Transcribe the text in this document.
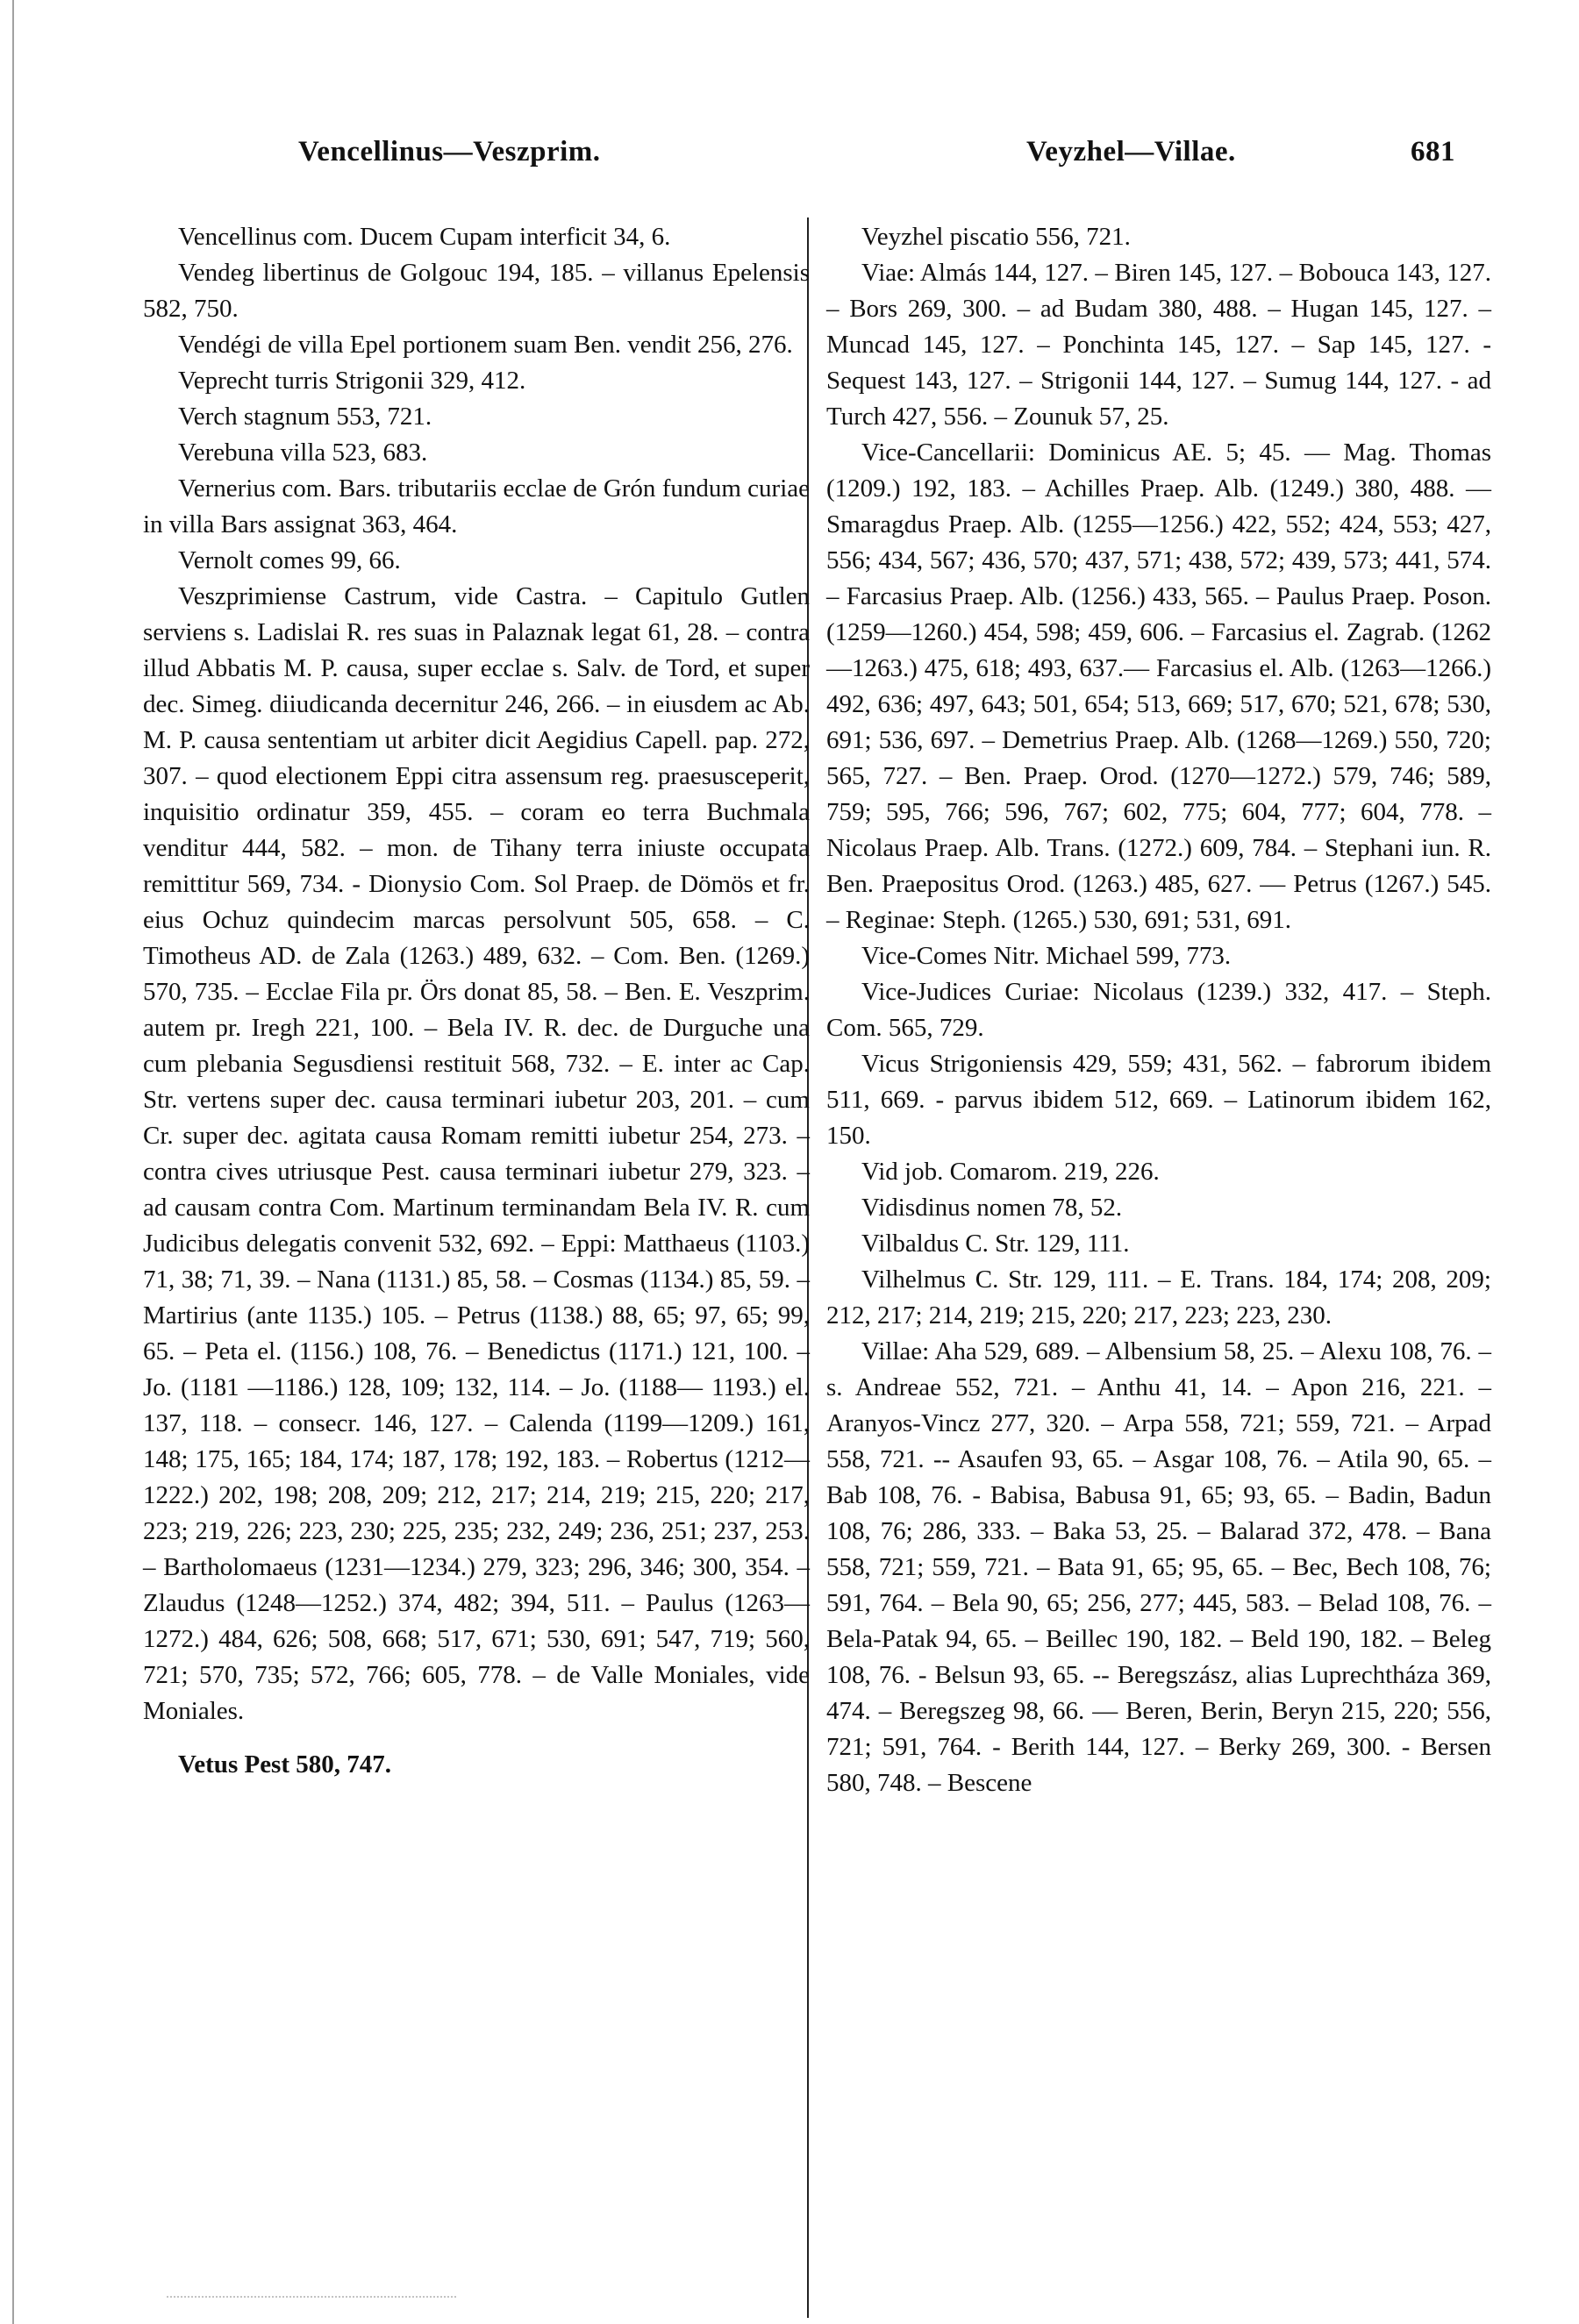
Vencellinus—Veszprim.	Veyzhel—Villae.	681

Vencellinus com. Ducem Cupam interficit 34, 6.

Vendeg libertinus de Golgouc 194, 185. – villanus Epelensis 582, 750.

Vendégi de villa Epel portionem suam Ben. vendit 256, 276.

Veprecht turris Strigonii 329, 412.

Verch stagnum 553, 721.

Verebuna villa 523, 683.

Vernerius com. Bars. tributariis ecclae de Grón fundum curiae in villa Bars assignat 363, 464.

Vernolt comes 99, 66.

Veszprimiense Castrum, vide Castra. – Capitulo Gutlen serviens s. Ladislai R. res suas in Palaznak legat 61, 28. – contra illud Abbatis M. P. causa, super ecclae s. Salv. de Tord, et super dec. Simeg. diiudicanda decernitur 246, 266. – in eiusdem ac Ab. M. P. causa sententiam ut arbiter dicit Aegidius Capell. pap. 272, 307. – quod electionem Eppi citra assensum reg. praesusceperit, inquisitio ordinatur 359, 455. – coram eo terra Buchmala venditur 444, 582. – mon. de Tihany terra iniuste occupata remittitur 569, 734. - Dionysio Com. Sol Praep. de Dömös et fr. eius Ochuz quindecim marcas persolvunt 505, 658. – C. Timotheus AD. de Zala (1263.) 489, 632. – Com. Ben. (1269.) 570, 735. – Ecclae Fila pr. Örs donat 85, 58. – Ben. E. Veszprim. autem pr. Iregh 221, 100. – Bela IV. R. dec. de Durguche una cum plebania Segusdiensi restituit 568, 732. – E. inter ac Cap. Str. vertens super dec. causa terminari iubetur 203, 201. – cum Cr. super dec. agitata causa Romam remitti iubetur 254, 273. – contra cives utriusque Pest. causa terminari iubetur 279, 323. – ad causam contra Com. Martinum terminandam Bela IV. R. cum Judicibus delegatis convenit 532, 692. – Eppi: Matthaeus (1103.) 71, 38; 71, 39. – Nana (1131.) 85, 58. – Cosmas (1134.) 85, 59. – Martirius (ante 1135.) 105. – Petrus (1138.) 88, 65; 97, 65; 99, 65. – Peta el. (1156.) 108, 76. – Benedictus (1171.) 121, 100. – Jo. (1181 —1186.) 128, 109; 132, 114. – Jo. (1188— 1193.) el. 137, 118. – consecr. 146, 127. – Calenda (1199—1209.) 161, 148; 175, 165; 184, 174; 187, 178; 192, 183. – Robertus (1212— 1222.) 202, 198; 208, 209; 212, 217; 214, 219; 215, 220; 217, 223; 219, 226; 223, 230; 225, 235; 232, 249; 236, 251; 237, 253. – Bartholomaeus (1231—1234.) 279, 323; 296, 346; 300, 354. – Zlaudus (1248—1252.) 374, 482; 394, 511. – Paulus (1263—1272.) 484, 626; 508, 668; 517, 671; 530, 691; 547, 719; 560, 721; 570, 735; 572, 766; 605, 778. – de Valle Moniales, vide Moniales.

Vetus Pest 580, 747.

Veyzhel piscatio 556, 721.

Viae: Almás 144, 127. – Biren 145, 127. – Bobouca 143, 127. – Bors 269, 300. – ad Budam 380, 488. – Hugan 145, 127. – Muncad 145, 127. – Ponchinta 145, 127. – Sap 145, 127. - Sequest 143, 127. – Strigonii 144, 127. – Sumug 144, 127. - ad Turch 427, 556. – Zounuk 57, 25.

Vice-Cancellarii: Dominicus AE. 5; 45. — Mag. Thomas (1209.) 192, 183. – Achilles Praep. Alb. (1249.) 380, 488. — Smaragdus Praep. Alb. (1255—1256.) 422, 552; 424, 553; 427, 556; 434, 567; 436, 570; 437, 571; 438, 572; 439, 573; 441, 574. – Farcasius Praep. Alb. (1256.) 433, 565. – Paulus Praep. Poson. (1259—1260.) 454, 598; 459, 606. – Farcasius el. Zagrab. (1262—1263.) 475, 618; 493, 637.— Farcasius el. Alb. (1263—1266.) 492, 636; 497, 643; 501, 654; 513, 669; 517, 670; 521, 678; 530, 691; 536, 697. – Demetrius Praep. Alb. (1268—1269.) 550, 720; 565, 727. – Ben. Praep. Orod. (1270—1272.) 579, 746; 589, 759; 595, 766; 596, 767; 602, 775; 604, 777; 604, 778. – Nicolaus Praep. Alb. Trans. (1272.) 609, 784. – Stephani iun. R. Ben. Praepositus Orod. (1263.) 485, 627. — Petrus (1267.) 545. – Reginae: Steph. (1265.) 530, 691; 531, 691.

Vice-Comes Nitr. Michael 599, 773.

Vice-Judices Curiae: Nicolaus (1239.) 332, 417. – Steph. Com. 565, 729.

Vicus Strigoniensis 429, 559; 431, 562. – fabrorum ibidem 511, 669. - parvus ibidem 512, 669. – Latinorum ibidem 162, 150.

Vid job. Comarom. 219, 226.

Vidisdinus nomen 78, 52.

Vilbaldus C. Str. 129, 111.

Vilhelmus C. Str. 129, 111. – E. Trans. 184, 174; 208, 209; 212, 217; 214, 219; 215, 220; 217, 223; 223, 230.

Villae: Aha 529, 689. – Albensium 58, 25. – Alexu 108, 76. – s. Andreae 552, 721. – Anthu 41, 14. – Apon 216, 221. – Aranyos-Vincz 277, 320. – Arpa 558, 721; 559, 721. – Arpad 558, 721. -- Asaufen 93, 65. – Asgar 108, 76. – Atila 90, 65. – Bab 108, 76. - Babisa, Babusa 91, 65; 93, 65. – Badin, Badun 108, 76; 286, 333. – Baka 53, 25. – Balarad 372, 478. – Bana 558, 721; 559, 721. – Bata 91, 65; 95, 65. – Bec, Bech 108, 76; 591, 764. – Bela 90, 65; 256, 277; 445, 583. – Belad 108, 76. – Bela-Patak 94, 65. – Beillec 190, 182. – Beld 190, 182. – Beleg 108, 76. - Belsun 93, 65. -- Beregszász, alias Luprechtháza 369, 474. – Beregszeg 98, 66. — Beren, Berin, Beryn 215, 220; 556, 721; 591, 764. - Berith 144, 127. – Berky 269, 300. - Bersen 580, 748. – Bescene
